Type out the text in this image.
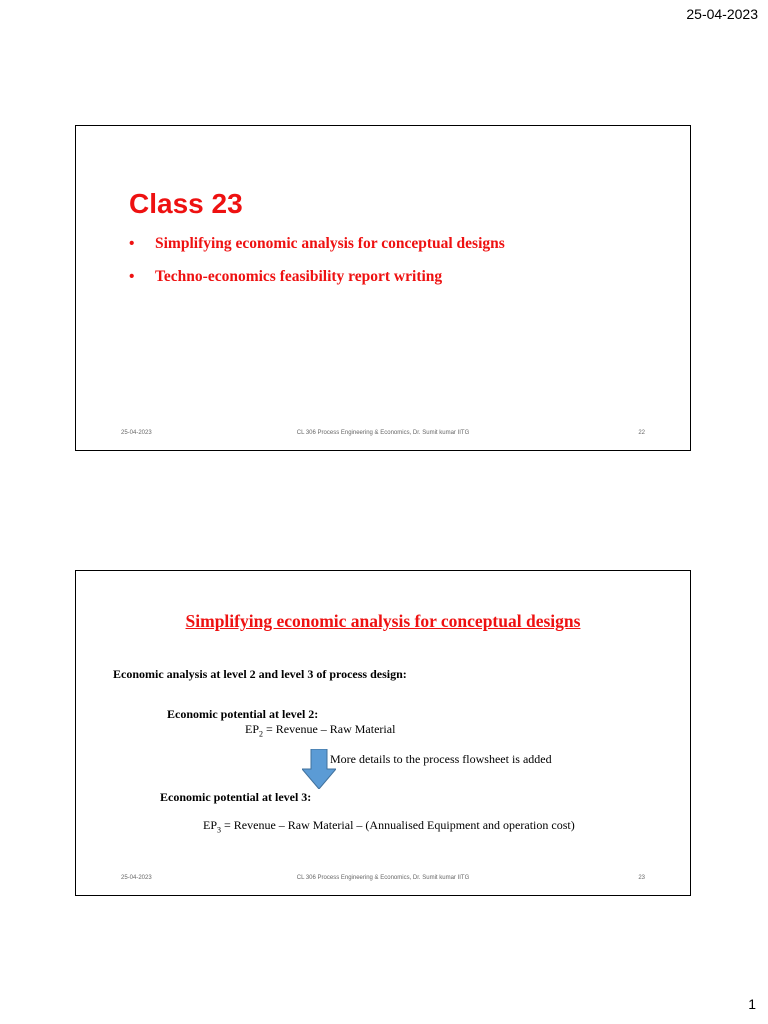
25-04-2023
Class 23
• Simplifying economic analysis for conceptual designs
• Techno-economics feasibility report writing
25-04-2023	CL 306 Process Engineering & Economics, Dr. Sumit kumar IITG	22
Simplifying economic analysis for conceptual designs
Economic analysis at level 2 and level 3 of process design:
Economic potential at level 2:
$EP_2$ = Revenue – Raw Material
More details to the process flowsheet is added
Economic potential at level 3:
$EP_3$ = Revenue – Raw Material – (Annualised Equipment and operation cost)
25-04-2023	CL 306 Process Engineering & Economics, Dr. Sumit kumar IITG	23
1
